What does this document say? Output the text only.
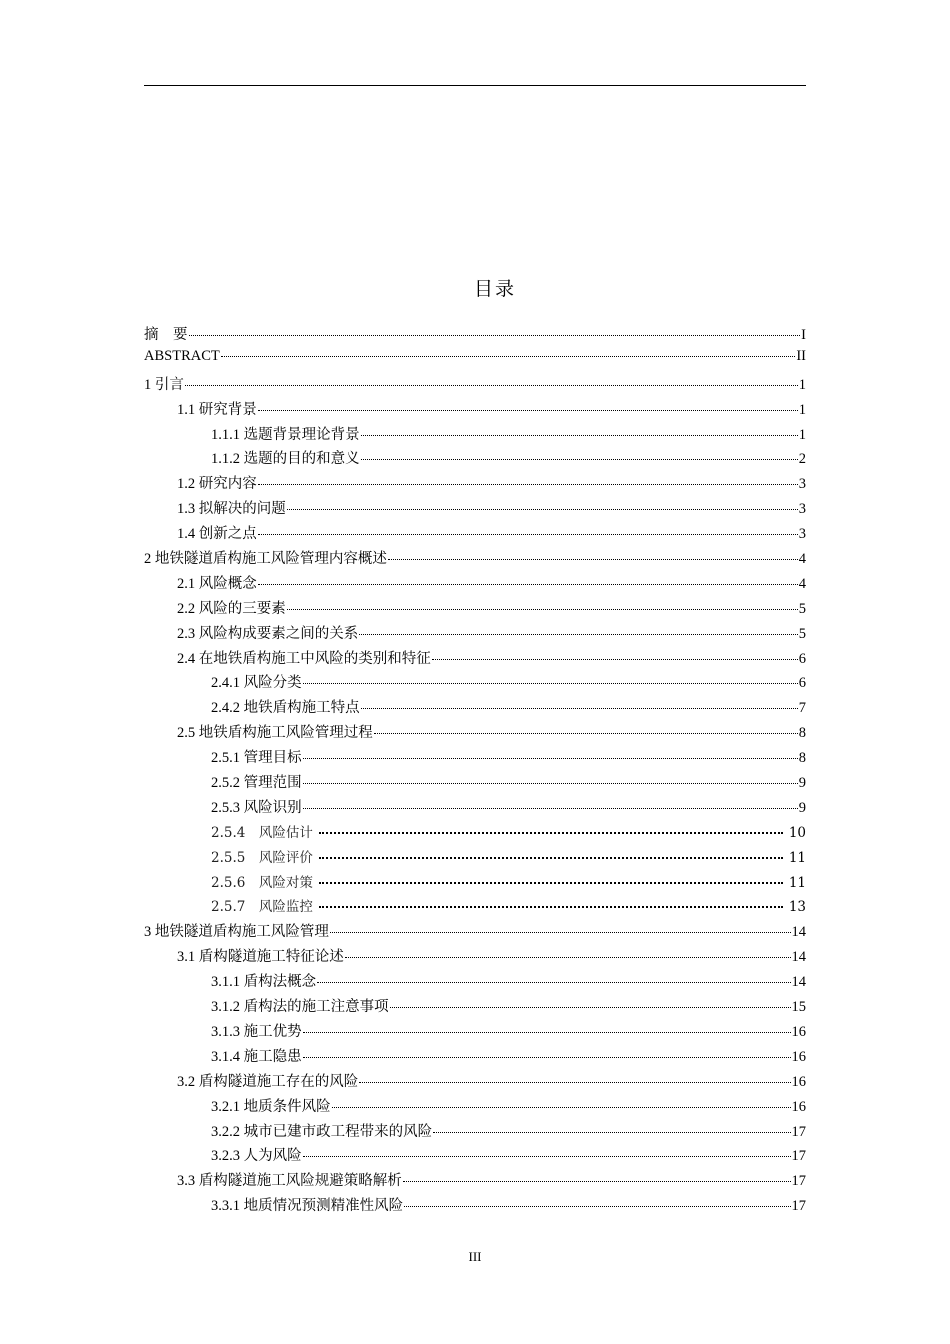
目录
摘　要	I
ABSTRACT	II
1 引言	1
1.1 研究背景	1
1.1.1 选题背景理论背景	1
1.1.2 选题的目的和意义	2
1.2 研究内容	3
1.3 拟解决的问题	3
1.4 创新之点	3
2 地铁隧道盾构施工风险管理内容概述	4
2.1 风险概念	4
2.2 风险的三要素	5
2.3 风险构成要素之间的关系	5
2.4 在地铁盾构施工中风险的类别和特征	6
2.4.1 风险分类	6
2.4.2 地铁盾构施工特点	7
2.5 地铁盾构施工风险管理过程	8
2.5.1 管理目标	8
2.5.2 管理范围	9
2.5.3 风险识别	9
2.5.4　风险估计	10
2.5.5　风险评价	11
2.5.6　风险对策	11
2.5.7　风险监控	13
3 地铁隧道盾构施工风险管理	14
3.1 盾构隧道施工特征论述	14
3.1.1 盾构法概念	14
3.1.2 盾构法的施工注意事项	15
3.1.3 施工优势	16
3.1.4 施工隐患	16
3.2 盾构隧道施工存在的风险	16
3.2.1 地质条件风险	16
3.2.2 城市已建市政工程带来的风险	17
3.2.3 人为风险	17
3.3 盾构隧道施工风险规避策略解析	17
3.3.1 地质情况预测精准性风险	17
III
